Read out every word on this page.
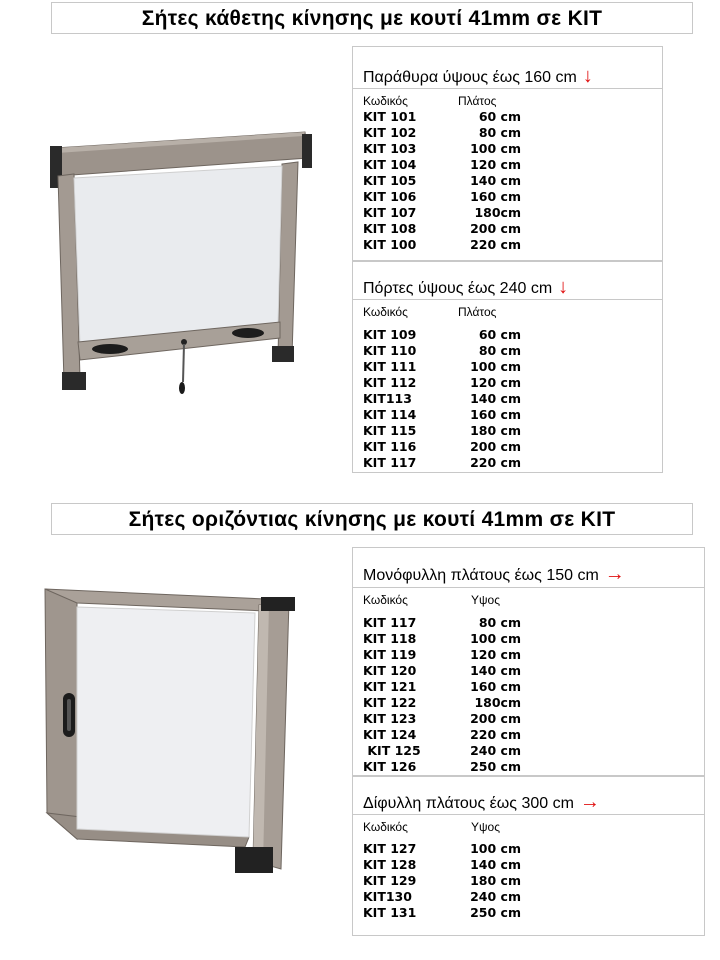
Σήτες κάθετης κίνησης με κουτί 41mm σε KIT
Παράθυρα ύψους έως 160 cm ↓
Κωδικός	Πλάτος
KIT 101	60 cm
KIT 102	80 cm
KIT 103	100 cm
KIT 104	120 cm
KIT 105	140 cm
KIT 106	160 cm
KIT 107	180cm
KIT 108	200 cm
KIT 100	220 cm
Πόρτες ύψους έως 240 cm ↓
Κωδικός	Πλάτος
KIT 109	60 cm
KIT 110	80 cm
KIT 111	100 cm
KIT 112	120 cm
KIT113	140 cm
KIT 114	160 cm
KIT 115	180 cm
KIT 116	200 cm
KIT 117	220 cm
Σήτες οριζόντιας κίνησης με κουτί 41mm σε KIT
Μονόφυλλη πλάτους έως 150 cm →
Κωδικός	Υψος
KIT 117	80 cm
KIT 118	100 cm
KIT 119	120 cm
KIT 120	140 cm
KIT 121	160 cm
KIT 122	180cm
KIT 123	200 cm
KIT 124	220 cm
KIT 125	240 cm
KIT 126	250 cm
Δίφυλλη πλάτους έως 300 cm →
Κωδικός	Υψος
KIT 127	100 cm
KIT 128	140 cm
KIT 129	180 cm
KIT130	240 cm
KIT 131	250 cm
